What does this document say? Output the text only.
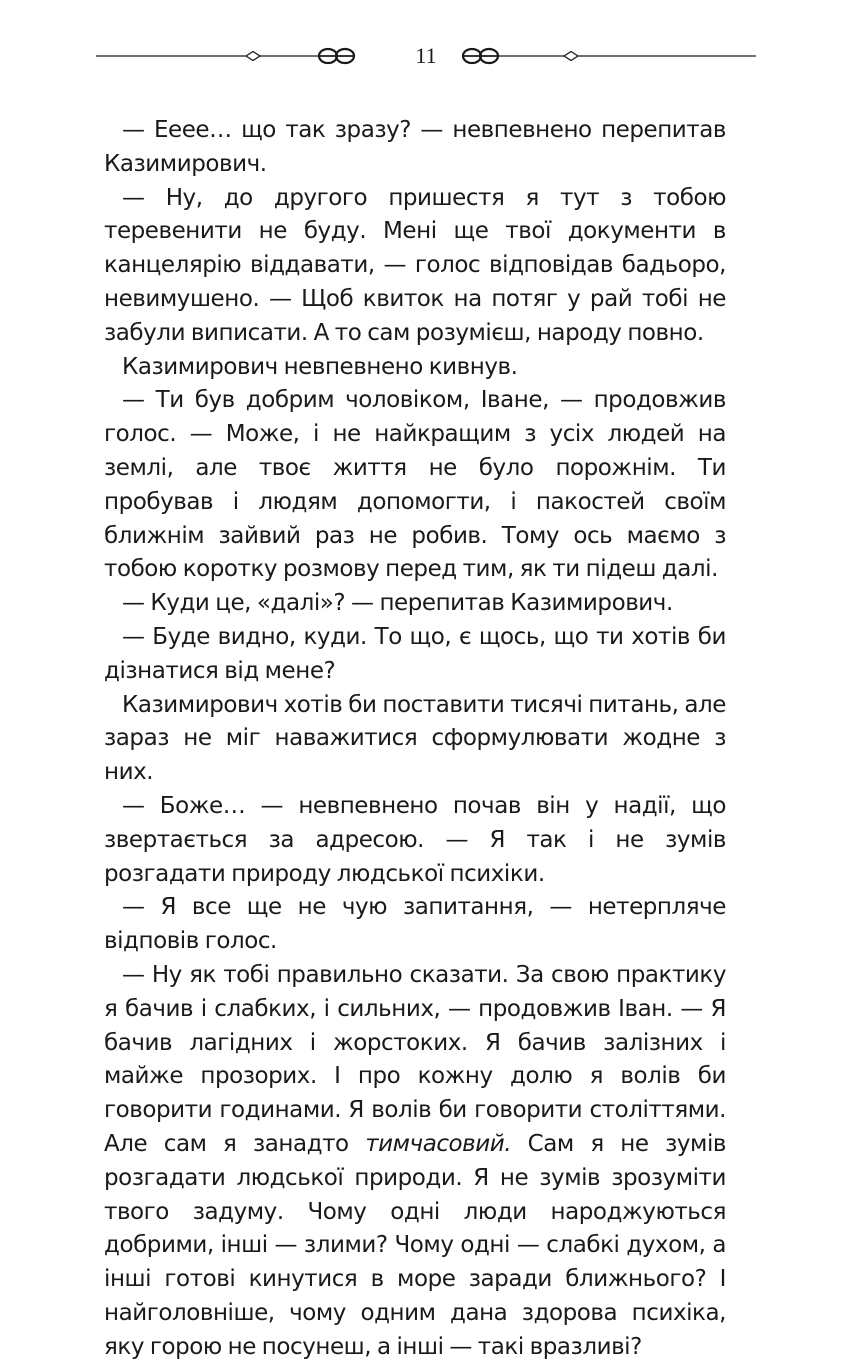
11

— Ееее… що так зразу? — невпевнено перепитав Казимирович.

— Ну, до другого пришестя я тут з тобою теревенити не буду. Мені ще твої документи в канцелярію віддавати, — голос відповідав бадьоро, невимушено. — Щоб квиток на потяг у рай тобі не забули виписати. А то сам розумієш, народу повно.

Казимирович невпевнено кивнув.

— Ти був добрим чоловіком, Іване, — продовжив голос. — Може, і не найкращим з усіх людей на землі, але твоє життя не було порожнім. Ти пробував і людям допомогти, і пакостей своїм ближнім зайвий раз не робив. Тому ось маємо з тобою коротку розмову перед тим, як ти підеш далі.

— Куди це, «далі»? — перепитав Казимирович.

— Буде видно, куди. То що, є щось, що ти хотів би дізнатися від мене?

Казимирович хотів би поставити тисячі питань, але зараз не міг наважитися сформулювати жодне з них.

— Боже… — невпевнено почав він у надії, що звертається за адресою. — Я так і не зумів розгадати природу людської психіки.

— Я все ще не чую запитання, — нетерпляче відповів голос.

— Ну як тобі правильно сказати. За свою практику я бачив і слабких, і сильних, — продовжив Іван. — Я бачив лагідних і жорстоких. Я бачив залізних і майже прозорих. І про кожну долю я волів би говорити годинами. Я волів би говорити століттями. Але сам я занадто тимчасовий. Сам я не зумів розгадати людської природи. Я не зумів зрозуміти твого задуму. Чому одні люди народжуються добрими, інші — злими? Чому одні — слабкі духом, а інші готові кинутися в море заради ближнього? І найголовніше, чому одним дана здорова психіка, яку горою не посунеш, а інші — такі вразливі?
